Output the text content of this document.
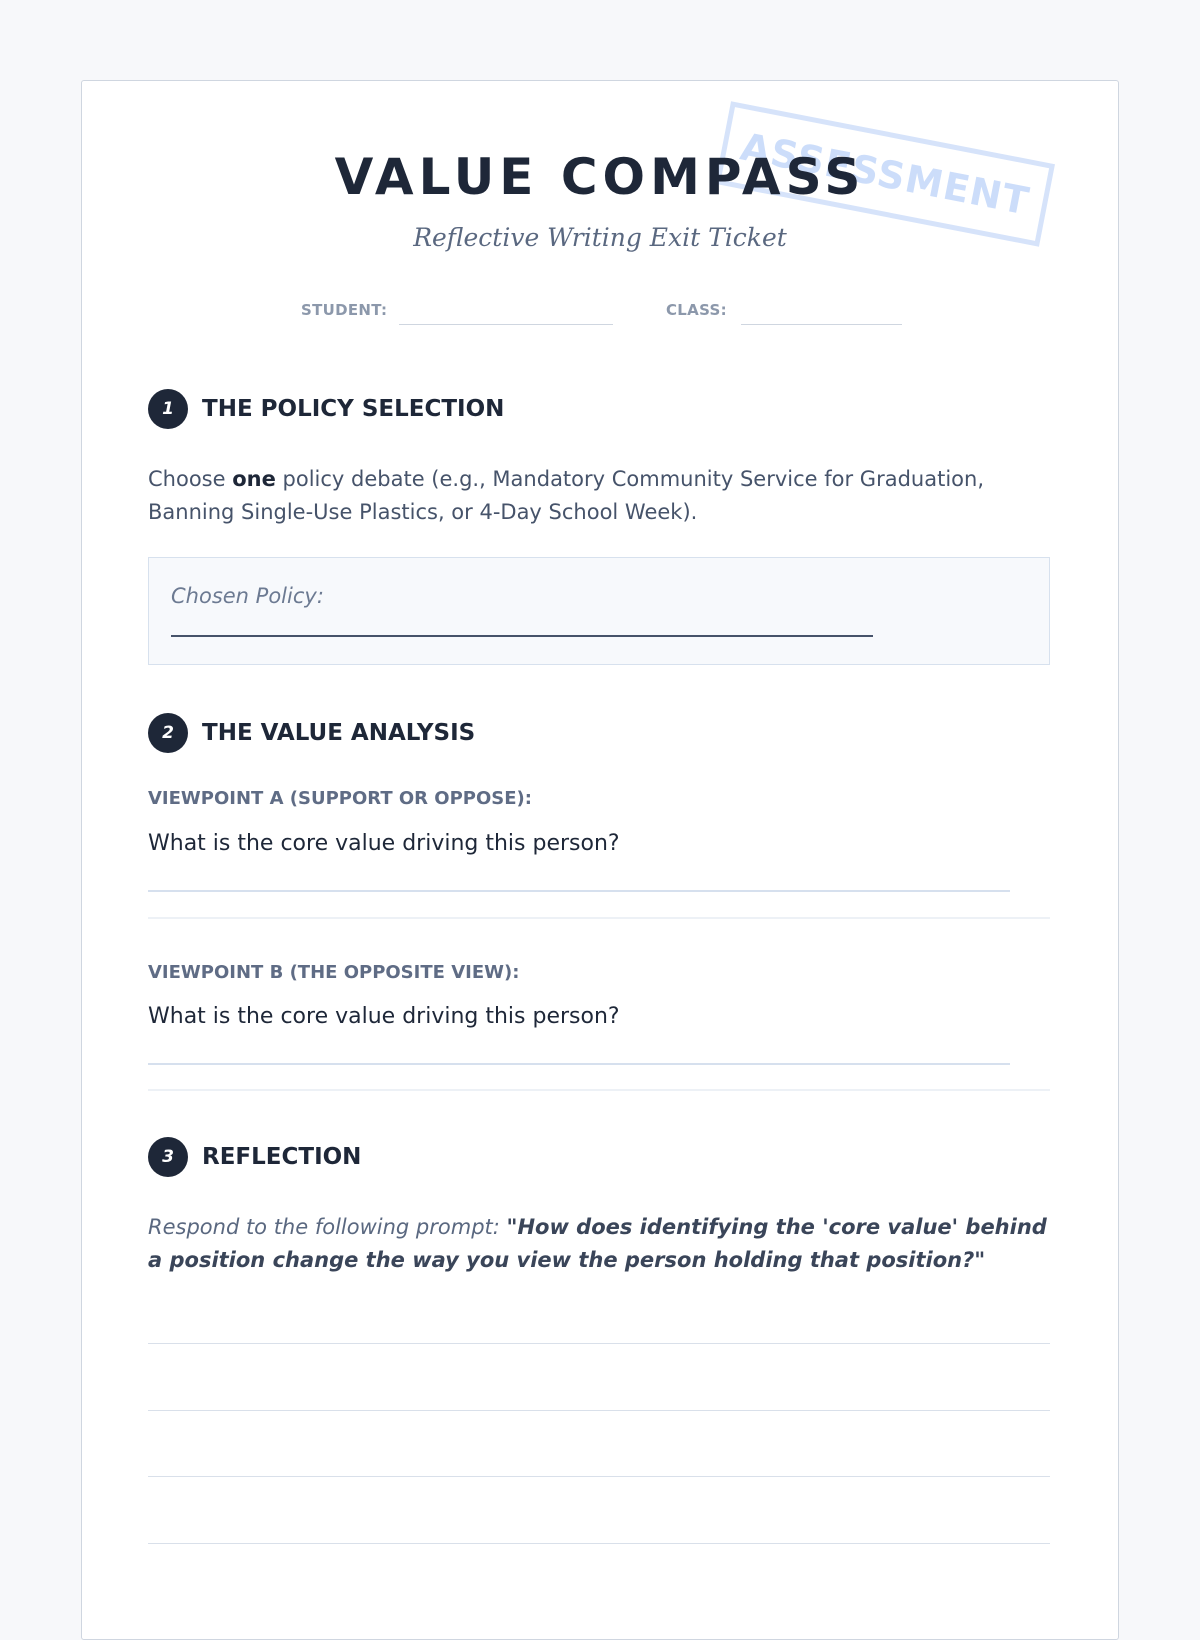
ASSESSMENT
VALUE COMPASS
Reflective Writing Exit Ticket
STUDENT:	CLASS:
1	THE POLICY SELECTION
Choose one policy debate (e.g., Mandatory Community Service for Graduation, Banning Single-Use Plastics, or 4-Day School Week).
Chosen Policy:
2	THE VALUE ANALYSIS
VIEWPOINT A (SUPPORT OR OPPOSE):
What is the core value driving this person?
VIEWPOINT B (THE OPPOSITE VIEW):
What is the core value driving this person?
3	REFLECTION
Respond to the following prompt: "How does identifying the 'core value' behind a position change the way you view the person holding that position?"
